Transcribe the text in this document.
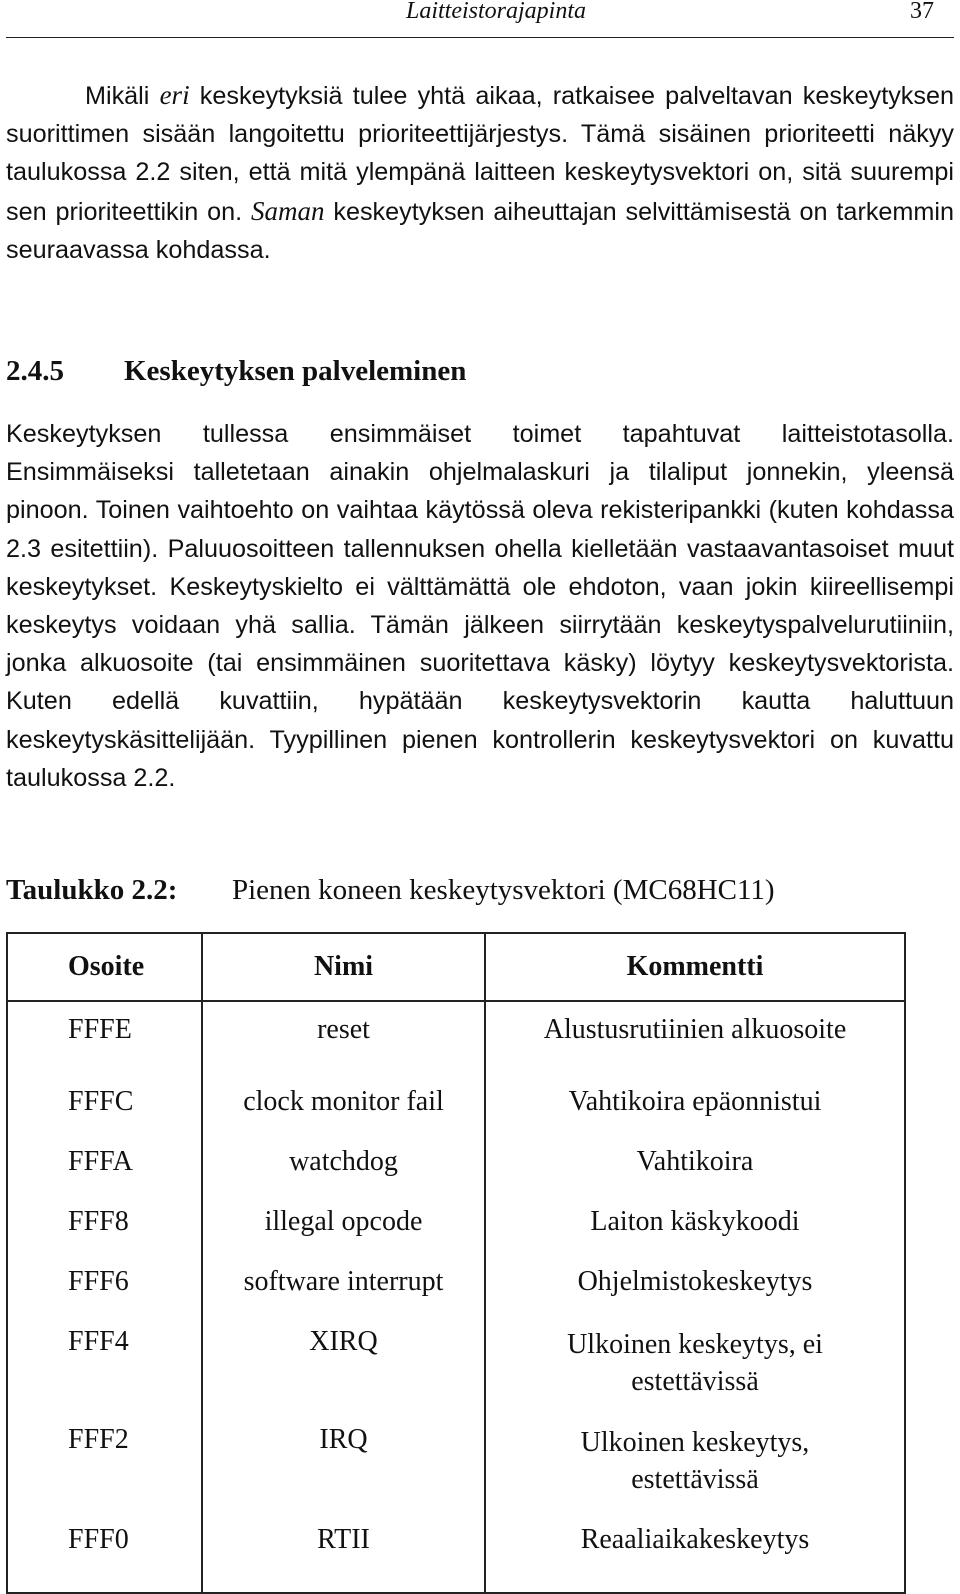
Laitteistorajapinta	37

Mikäli eri keskeytyksiä tulee yhtä aikaa, ratkaisee palveltavan keskeytyksen suorittimen sisään langoitettu prioriteettijärjestys. Tämä sisäinen prioriteetti näkyy taulukossa 2.2 siten, että mitä ylempänä laitteen keskeytysvektori on, sitä suurempi sen prioriteettikin on. Saman keskeytyksen aiheuttajan selvittämisestä on tarkemmin seuraavassa kohdassa.

2.4.5 Keskeytyksen palveleminen

Keskeytyksen tullessa ensimmäiset toimet tapahtuvat laitteistotasolla. Ensimmäiseksi talletetaan ainakin ohjelmalaskuri ja tilaliput jonnekin, yleensä pinoon. Toinen vaihtoehto on vaihtaa käytössä oleva rekisteripankki (kuten kohdassa 2.3 esitettiin). Paluuosoitteen tallennuksen ohella kielletään vastaavantasoiset muut keskeytykset. Keskeytyskielto ei välttämättä ole ehdoton, vaan jokin kiireellisempi keskeytys voidaan yhä sallia. Tämän jälkeen siirrytään keskeytyspalvelurutiiniin, jonka alkuosoite (tai ensimmäinen suoritettava käsky) löytyy keskeytysvektorista. Kuten edellä kuvattiin, hypätään keskeytysvektorin kautta haluttuun keskeytyskäsittelijään. Tyypillinen pienen kontrollerin keskeytysvektori on kuvattu taulukossa 2.2.

Taulukko 2.2: Pienen koneen keskeytysvektori (MC68HC11)
Osoite	Nimi	Kommentti
FFFE	reset	Alustusrutiinien alkuosoite
FFFC	clock monitor fail	Vahtikoira epäonnistui
FFFA	watchdog	Vahtikoira
FFF8	illegal opcode	Laiton käskykoodi
FFF6	software interrupt	Ohjelmistokeskeytys
FFF4	XIRQ	Ulkoinen keskeytys, ei estettävissä

FFF2	IRQ	Ulkoinen keskeytys, estettävissä

FFF0	RTII	Reaaliaikakeskeytys
